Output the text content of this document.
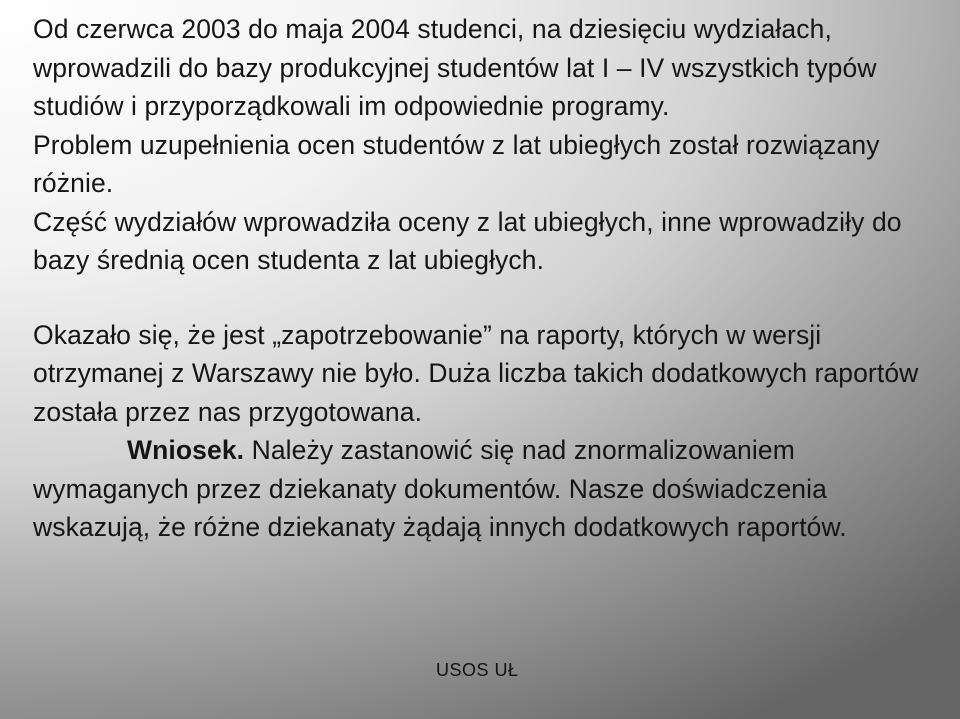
Od czerwca 2003 do maja 2004 studenci, na dziesięciu wydziałach, wprowadzili do bazy produkcyjnej studentów lat I – IV wszystkich typów studiów i przyporządkowali im odpowiednie programy.

Problem uzupełnienia ocen studentów z lat ubiegłych został rozwiązany różnie.

Część wydziałów wprowadziła oceny z lat ubiegłych, inne wprowadziły do bazy średnią ocen studenta z lat ubiegłych.

Okazało się, że jest „zapotrzebowanie” na raporty, których w wersji otrzymanej z Warszawy nie było. Duża liczba takich dodatkowych raportów została przez nas przygotowana.

Wniosek. Należy zastanowić się nad znormalizowaniem wymaganych przez dziekanaty dokumentów. Nasze doświadczenia wskazują, że różne dziekanaty żądają innych dodatkowych raportów.

USOS UŁ
